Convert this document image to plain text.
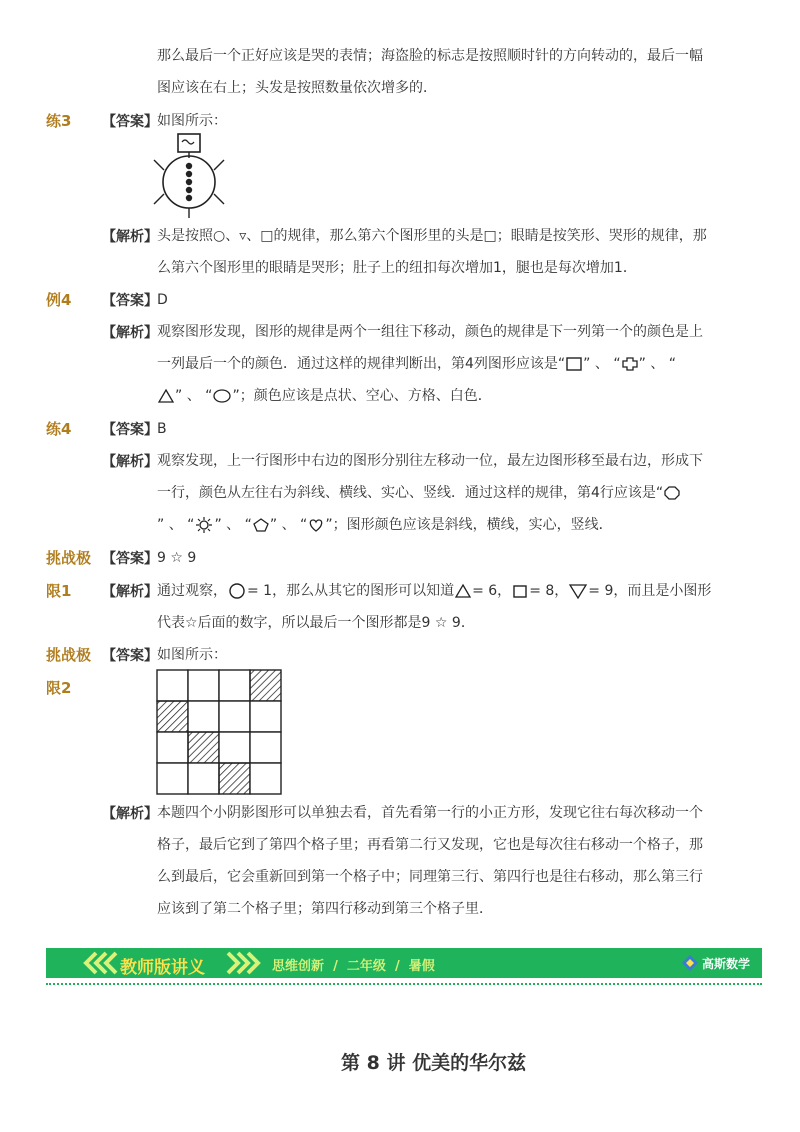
那么最后一个正好应该是哭的表情；海盗脸的标志是按照顺时针的方向转动的，最后一幅
图应该在右上；头发是按照数量依次增多的．
练3 【答案】 如图所示：
【解析】 头是按照○、▿、□的规律，那么第六个图形里的头是□；眼睛是按笑形、哭形的规律，那
么第六个图形里的眼睛是哭形；肚子上的纽扣每次增加1，腿也是每次增加1．
例4 【答案】 D
【解析】 观察图形发现，图形的规律是两个一组往下移动，颜色的规律是下一列第一个的颜色是上
一列最后一个的颜色．通过这样的规律判断出，第4列图形应该是“ ” 、 “ ” 、 “
” 、 “ ”；颜色应该是点状、空心、方格、白色．
练4 【答案】 B
【解析】 观察发现，上一行图形中右边的图形分别往左移动一位，最左边图形移至最右边，形成下
一行，颜色从左往右为斜线、横线、实心、竖线．通过这样的规律，第4行应该是“
” 、 “ ” 、 “ ” 、 “ ”；图形颜色应该是斜线，横线，实心，竖线．
挑战极 【答案】 9 ☆ 9
限1 【解析】 通过观察， = 1，那么从其它的图形可以知道 = 6， = 8， = 9，而且是小图形
代表☆后面的数字，所以最后一个图形都是9 ☆ 9．
挑战极 【答案】 如图所示：
限2
【解析】 本题四个小阴影图形可以单独去看，首先看第一行的小正方形，发现它往右每次移动一个
格子，最后它到了第四个格子里；再看第二行又发现，它也是每次往右移动一个格子，那
么到最后，它会重新回到第一个格子中；同理第三行、第四行也是往右移动，那么第三行
应该到了第二个格子里；第四行移动到第三个格子里．
教师版讲义	思维创新 / 二年级 / 暑假	高斯数学
第 8 讲 优美的华尔兹
